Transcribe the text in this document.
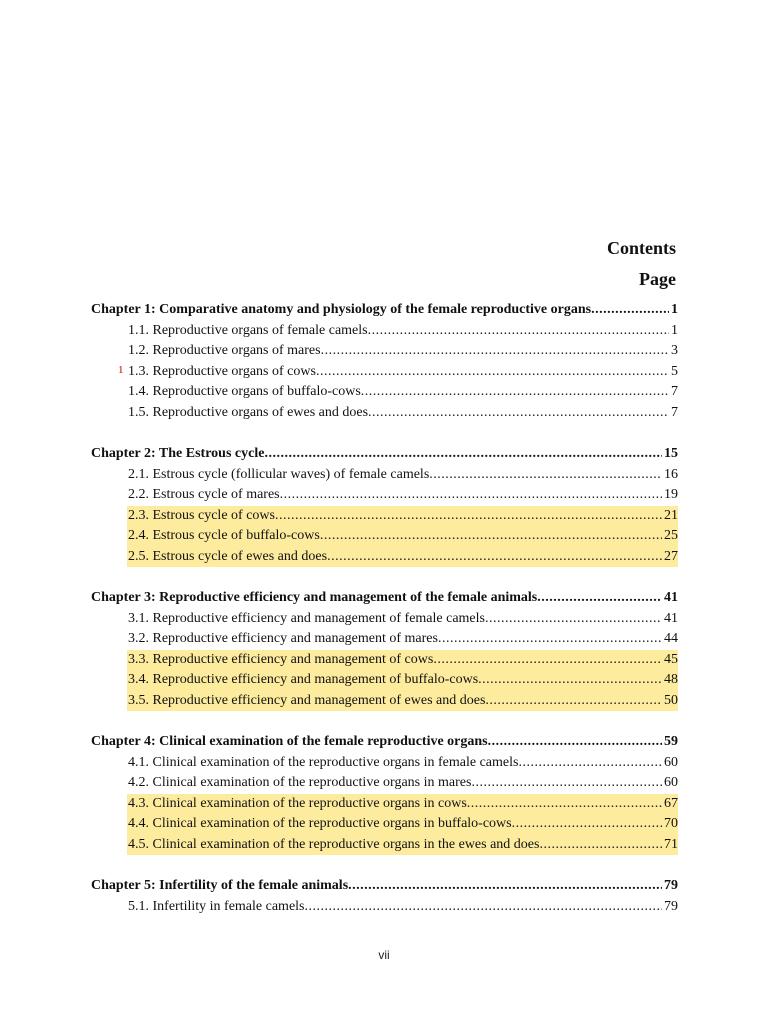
Contents
Page
Chapter 1: Comparative anatomy and physiology of the female reproductive organs .....	1
1.1. Reproductive organs of female camels .....	1
1.2. Reproductive organs of mares .....	3
1 1.3. Reproductive organs of cows .....	5
1.4. Reproductive organs of buffalo-cows .....	7
1.5. Reproductive organs of ewes and does .....	7
Chapter 2: The Estrous cycle .....	15
2.1. Estrous cycle (follicular waves) of female camels .....	16
2.2. Estrous cycle of mares .....	19
2.3. Estrous cycle of cows .....	21
2.4. Estrous cycle of buffalo-cows .....	25
2.5. Estrous cycle of ewes and does .....	27
Chapter 3: Reproductive efficiency and management of the female animals .....	41
3.1. Reproductive efficiency and management of female camels .....	41
3.2. Reproductive efficiency and management of mares .....	44
3.3. Reproductive efficiency and management of cows .....	45
3.4. Reproductive efficiency and management of buffalo-cows .....	48
3.5. Reproductive efficiency and management of ewes and does .....	50
Chapter 4: Clinical examination of the female reproductive organs .....	59
4.1. Clinical examination of the reproductive organs in female camels .....	60
4.2. Clinical examination of the reproductive organs in mares .....	60
4.3. Clinical examination of the reproductive organs in cows .....	67
4.4. Clinical examination of the reproductive organs in buffalo-cows .....	70
4.5. Clinical examination of the reproductive organs in the ewes and does .....	71
Chapter 5: Infertility of the female animals .....	79
5.1. Infertility in female camels .....	79
vii
